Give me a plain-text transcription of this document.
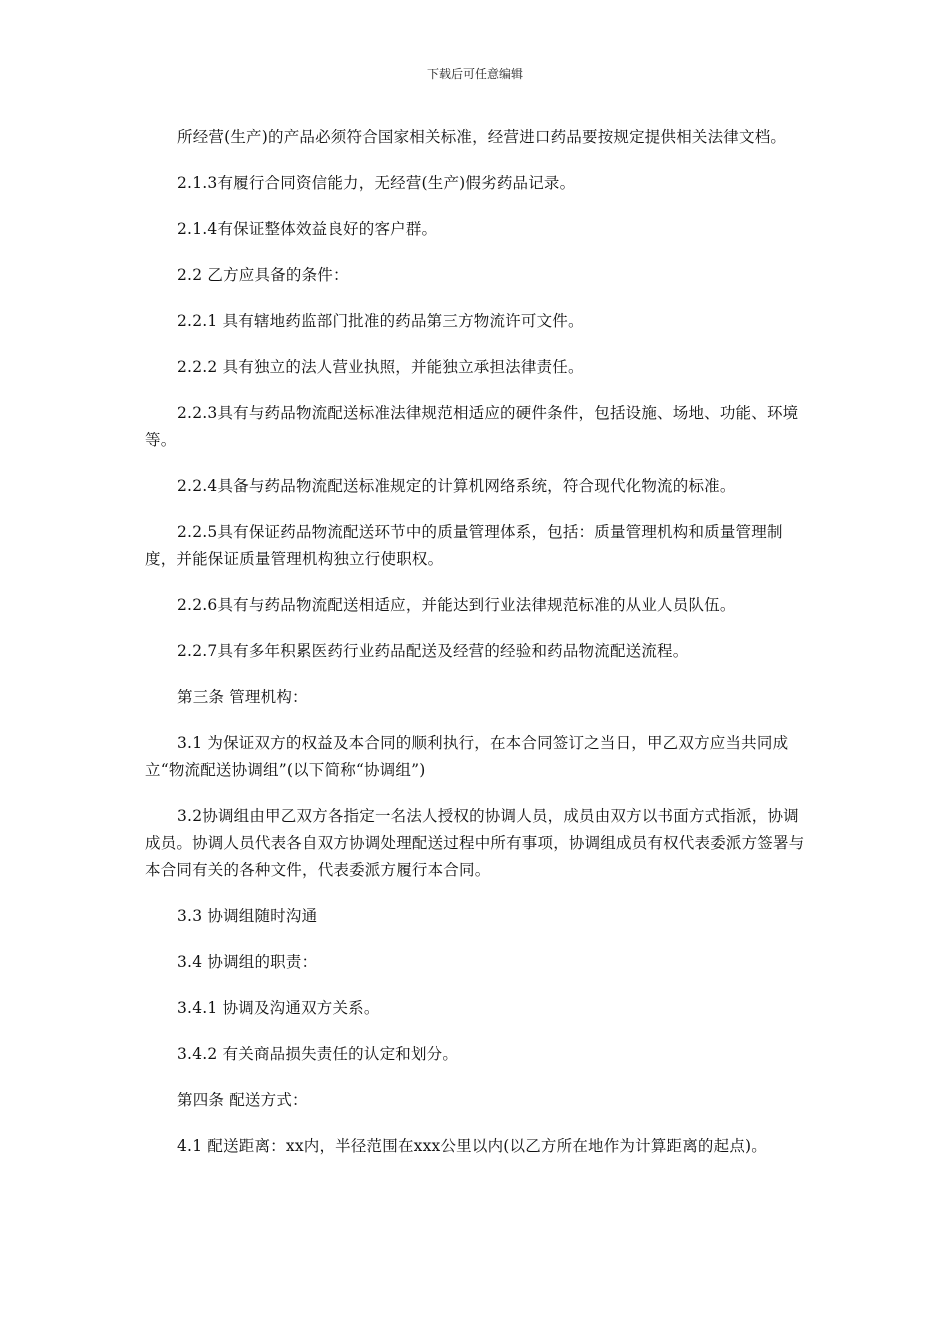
下载后可任意编辑

所经营(生产)的产品必须符合国家相关标准，经营进口药品要按规定提供相关法律文档。

2.1.3有履行合同资信能力，无经营(生产)假劣药品记录。

2.1.4有保证整体效益良好的客户群。

2.2 乙方应具备的条件：

2.2.1 具有辖地药监部门批准的药品第三方物流许可文件。

2.2.2 具有独立的法人营业执照，并能独立承担法律责任。

2.2.3具有与药品物流配送标准法律规范相适应的硬件条件，包括设施、场地、功能、环境等。

2.2.4具备与药品物流配送标准规定的计算机网络系统，符合现代化物流的标准。

2.2.5具有保证药品物流配送环节中的质量管理体系，包括：质量管理机构和质量管理制度，并能保证质量管理机构独立行使职权。

2.2.6具有与药品物流配送相适应，并能达到行业法律规范标准的从业人员队伍。

2.2.7具有多年积累医药行业药品配送及经营的经验和药品物流配送流程。

第三条 管理机构：

3.1 为保证双方的权益及本合同的顺利执行，在本合同签订之当日，甲乙双方应当共同成立“物流配送协调组”(以下简称“协调组”)

3.2协调组由甲乙双方各指定一名法人授权的协调人员，成员由双方以书面方式指派，协调成员。协调人员代表各自双方协调处理配送过程中所有事项，协调组成员有权代表委派方签署与本合同有关的各种文件，代表委派方履行本合同。

3.3 协调组随时沟通

3.4 协调组的职责：

3.4.1 协调及沟通双方关系。

3.4.2 有关商品损失责任的认定和划分。

第四条 配送方式：

4.1 配送距离：xx内，半径范围在xxx公里以内(以乙方所在地作为计算距离的起点)。
